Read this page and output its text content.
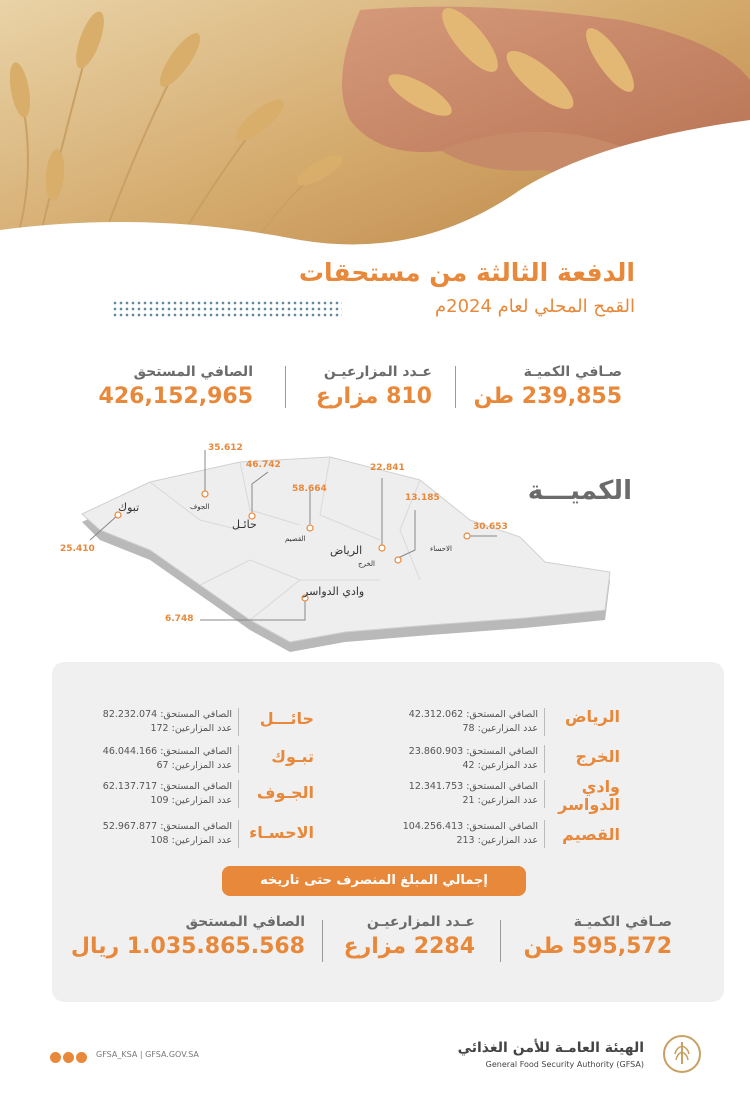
الدفعة الثالثة من مستحقات
القمح المحلي لعام 2024م
صـافي الكميـة
239,855 طن
عـدد المزارعيـن
810 مزارع
الصافي المستحق
426,152,965
الكميـــة
35.612
الجوف
46.742
حائـل
58.664
القصيم
22.841
الرياض
13.185
الخرج
30.653
الاحساء
25.410
تبوك
6.748
وادي الدواسر
الرياض
الصافي المستحق: 42.312.062
عدد المزارعين: 78
الخرج
الصافي المستحق: 23.860.903
عدد المزارعين: 42
وادي الدواسر
الصافي المستحق: 12.341.753
عدد المزارعين: 21
القصيم
الصافي المستحق: 104.256.413
عدد المزارعين: 213
حائـــل
الصافي المستحق: 82.232.074
عدد المزارعين: 172
تبـوك
الصافي المستحق: 46.044.166
عدد المزارعين: 67
الجـوف
الصافي المستحق: 62.137.717
عدد المزارعين: 109
الاحسـاء
الصافي المستحق: 52.967.877
عدد المزارعين: 108
إجمالي المبلغ المنصرف حتى تاريخه
صـافي الكميـة
595,572 طن
عـدد المزارعيـن
2284 مزارع
الصافي المستحق
1.035.865.568 ريال
الهيئة العامـة للأمن الغذائي
General Food Security Authority (GFSA)
GFSA_KSA | GFSA.GOV.SA
